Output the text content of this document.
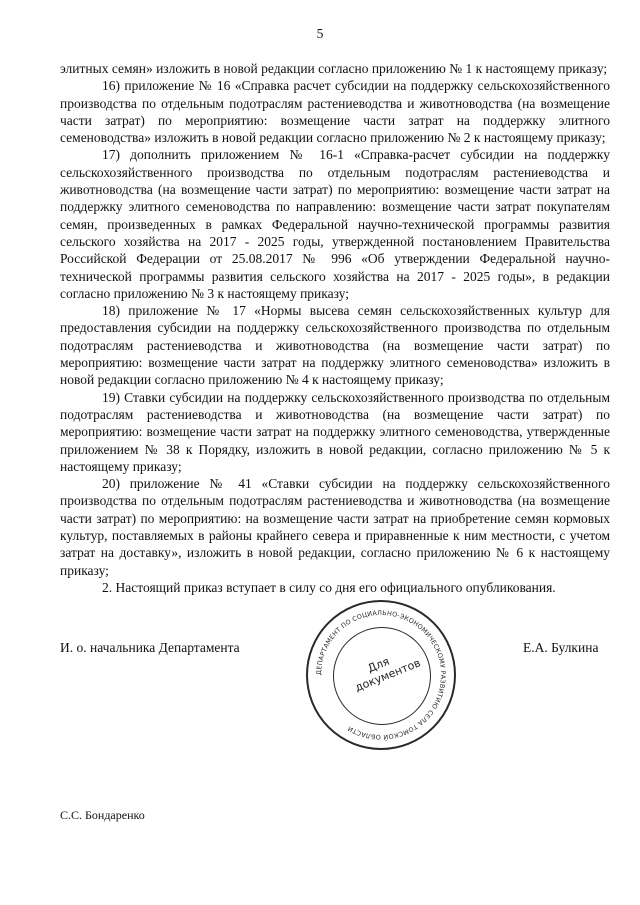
5

элитных семян» изложить в новой редакции согласно приложению № 1 к настоящему приказу;

16) приложение № 16 «Справка расчет субсидии на поддержку сельскохозяйственного производства по отдельным подотраслям растениеводства и животноводства (на возмещение части затрат) по мероприятию: возмещение части затрат на поддержку элитного семеноводства» изложить в новой редакции согласно приложению № 2 к настоящему приказу;

17) дополнить приложением № 16-1 «Справка-расчет субсидии на поддержку сельскохозяйственного производства по отдельным подотраслям растениеводства и животноводства (на возмещение части затрат) по мероприятию: возмещение части затрат на поддержку элитного семеноводства по направлению: возмещение части затрат покупателям семян, произведенных в рамках Федеральной научно-технической программы развития сельского хозяйства на 2017 - 2025 годы, утвержденной постановлением Правительства Российской Федерации от 25.08.2017 № 996 «Об утверждении Федеральной научно-технической программы развития сельского хозяйства на 2017 - 2025 годы», в редакции согласно приложению № 3 к настоящему приказу;

18) приложение № 17 «Нормы высева семян сельскохозяйственных культур для предоставления субсидии на поддержку сельскохозяйственного производства по отдельным подотраслям растениеводства и животноводства (на возмещение части затрат) по мероприятию: возмещение части затрат на поддержку элитного семеноводства» изложить в новой редакции согласно приложению № 4 к настоящему приказу;

19) Ставки субсидии на поддержку сельскохозяйственного производства по отдельным подотраслям растениеводства и животноводства (на возмещение части затрат) по мероприятию: возмещение части затрат на поддержку элитного семеноводства, утвержденные приложением № 38 к Порядку, изложить в новой редакции, согласно приложению № 5 к настоящему приказу;

20) приложение № 41 «Ставки субсидии на поддержку сельскохозяйственного производства по отдельным подотраслям растениеводства и животноводства (на возмещение части затрат) по мероприятию: на возмещение части затрат на приобретение семян кормовых культур, поставляемых в районы крайнего севера и приравненные к ним местности, с учетом затрат на доставку», изложить в новой редакции, согласно приложению № 6 к настоящему приказу;

2. Настоящий приказ вступает в силу со дня его официального опубликования.

И. о. начальника Департамента
ДЕПАРТАМЕНТ ПО СОЦИАЛЬНО-ЭКОНОМИЧЕСКОМУ РАЗВИТИЮ СЕЛА ТОМСКОЙ ОБЛАСТИ
Для документов
Е.А. Булкина
С.С. Бондаренко
